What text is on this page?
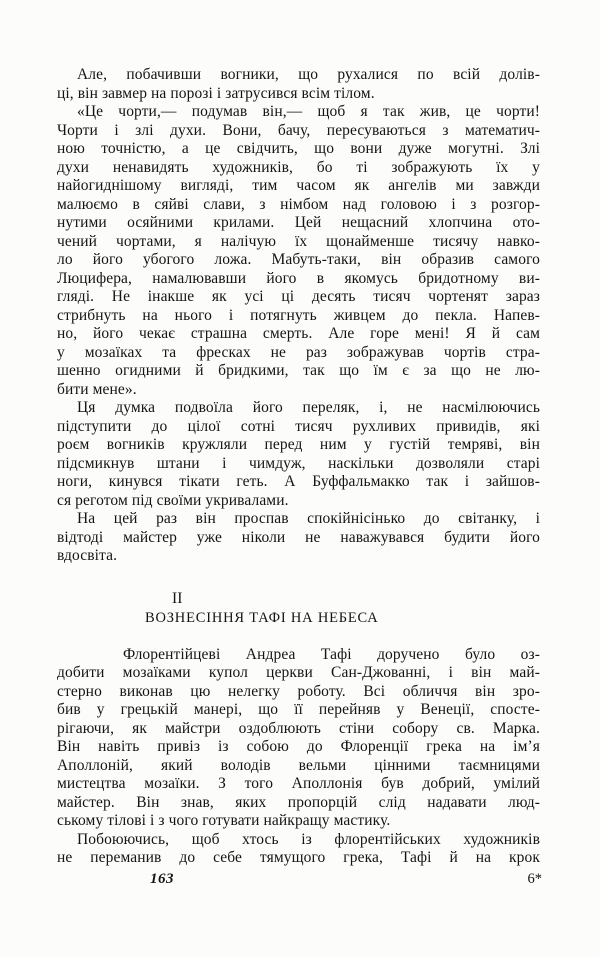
Але, побачивши вогники, що рухалися по всій долів-
ці, він завмер на порозі і затрусився всім тілом.
«Це чорти,— подумав він,— щоб я так жив, це чорти!
Чорти і злі духи. Вони, бачу, пересуваються з математич-
ною точністю, а це свідчить, що вони дуже могутні. Злі
духи ненавидять художників, бо ті зображують їх у
найогиднішому вигляді, тим часом як ангелів ми завжди
малюємо в сяйві слави, з німбом над головою і з розгор-
нутими осяйними крилами. Цей нещасний хлопчина ото-
чений чортами, я налічую їх щонайменше тисячу навко-
ло його убогого ложа. Мабуть-таки, він образив самого
Люцифера, намалювавши його в якомусь бридотному ви-
гляді. Не інакше як усі ці десять тисяч чортенят зараз
стрибнуть на нього і потягнуть живцем до пекла. Напев-
но, його чекає страшна смерть. Але горе мені! Я й сам
у мозаїках та фресках не раз зображував чортів стра-
шенно огидними й бридкими, так що їм є за що не лю-
бити мене».
Ця думка подвоїла його переляк, і, не насмілюючись
підступити до цілої сотні тисяч рухливих привидів, які
роєм вогників кружляли перед ним у густій темряві, він
підсмикнув штани і чимдуж, наскільки дозволяли старі
ноги, кинувся тікати геть. А Буффальмакко так і зайшов-
ся реготом під своїми укривалами.
На цей раз він проспав спокійнісінько до світанку, і
відтоді майстер уже ніколи не наважувався будити його
вдосвіта.
II
ВОЗНЕСІННЯ ТАФІ НА НЕБЕСА
Флорентійцеві Андреа Тафі доручено було оз-
добити мозаїками купол церкви Сан-Джованні, і він май-
стерно виконав цю нелегку роботу. Всі обличчя він зро-
бив у грецькій манері, що її перейняв у Венеції, спосте-
рігаючи, як майстри оздоблюють стіни собору св. Марка.
Він навіть привіз із собою до Флоренції грека на ім’я
Аполлоній, який володів вельми цінними таємницями
мистецтва мозаїки. З того Аполлонія був добрий, умілий
майстер. Він знав, яких пропорцій слід надавати люд-
ському тілові і з чого готувати найкращу мастику.
Побоюючись, щоб хтось із флорентійських художників
не переманив до себе тямущого грека, Тафі й на крок
163	6*
